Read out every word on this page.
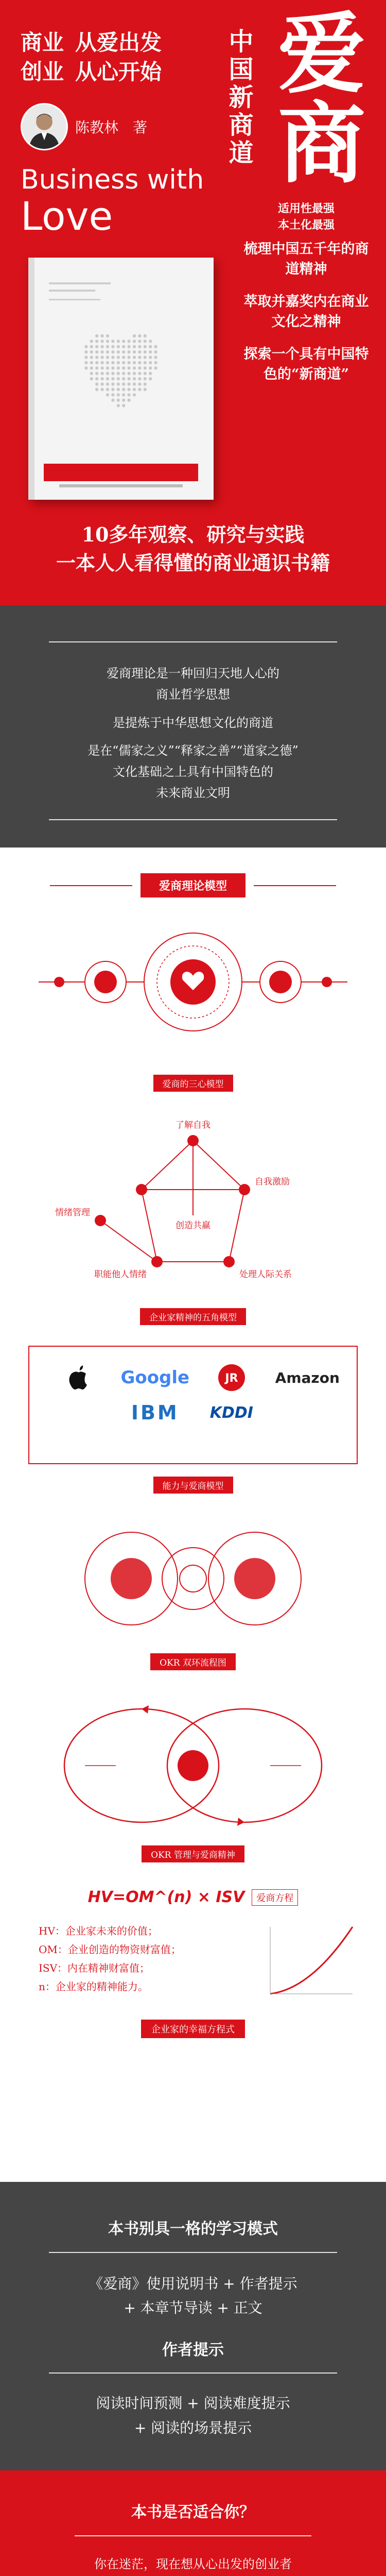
商业 从爱出发
创业 从心开始
陈教林 著
Business with
Love
中国新商道 爱
商
适用性最强
本土化最强
梳理中国五千年的商道精神
萃取并嘉奖内在商业文化之精神
探索一个具有中国特色的“新商道”
10多年观察、研究与实践
一本人人看得懂的商业通识书籍
爱商理论是一种回归天地人心的
商业哲学思想
是提炼于中华思想文化的商道
是在“儒家之义”“释家之善”“道家之德”
文化基础之上具有中国特色的
未来商业文明
爱商理论模型
爱商的三心模型
了解自我
自我激励
创造共赢
情绪管理
职能他人情绪	处理人际关系
企业家精神的五角模型
Google	JR	Amazon
IBM	KDDI
能力与爱商模型
OKR 双环流程图
OKR 管理与爱商精神
HV=OM^(n) × ISV	爱商方程
HV：企业家未来的价值；
OM：企业创造的物资财富值；
ISV：内在精神财富值；
n：企业家的精神能力。
企业家的幸福方程式
本书别具一格的学习模式
《爱商》使用说明书 + 作者提示
+ 本章节导读 + 正文
作者提示
阅读时间预测 + 阅读难度提示
+ 阅读的场景提示
本书是否适合你？
你在迷茫，现在想从心出发的创业者
